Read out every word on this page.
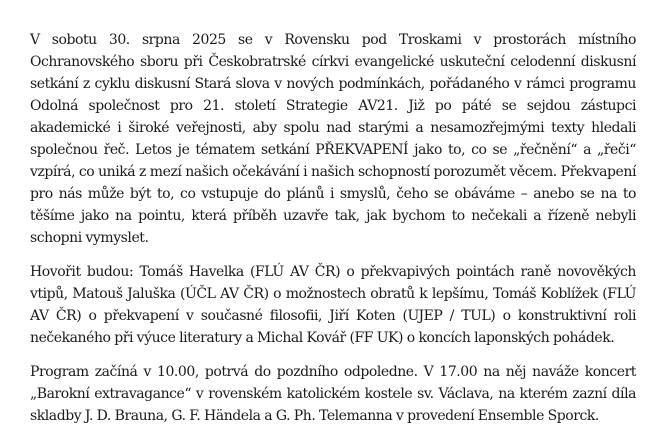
V sobotu 30. srpna 2025 se v Rovensku pod Troskami v prostorách místního Ochranovského sboru při Českobratrské církvi evangelické uskuteční celodenní diskusní setkání z cyklu diskusní Stará slova v nových podmínkách, pořádaného v rámci programu Odolná společnost pro 21. století Strategie AV21. Již po páté se sejdou zástupci akademické i široké veřejnosti, aby spolu nad starými a nesamozřejmými texty hledali společnou řeč. Letos je tématem setkání PŘEKVAPENÍ jako to, co se „řečnění“ a „řeči“ vzpírá, co uniká z mezí našich očekávání i našich schopností porozumět věcem. Překvapení pro nás může být to, co vstupuje do plánů i smyslů, čeho se obáváme – anebo se na to těšíme jako na pointu, která příběh uzavře tak, jak bychom to nečekali a řízeně nebyli schopni vymyslet.

Hovořit budou: Tomáš Havelka (FLÚ AV ČR) o překvapivých pointách raně novověkých vtipů, Matouš Jaluška (ÚČL AV ČR) o možnostech obratů k lepšímu, Tomáš Koblížek (FLÚ AV ČR) o překvapení v současné filosofii, Jiří Koten (UJEP / TUL) o konstruktivní roli nečekaného při výuce literatury a Michal Kovář (FF UK) o koncích laponských pohádek.

Program začíná v 10.00, potrvá do pozdního odpoledne. V 17.00 na něj naváže koncert „Barokní extravagance“ v rovenském katolickém kostele sv. Václava, na kterém zazní díla skladby J. D. Brauna, G. F. Händela a G. Ph. Telemanna v provedení Ensemble Sporck.
